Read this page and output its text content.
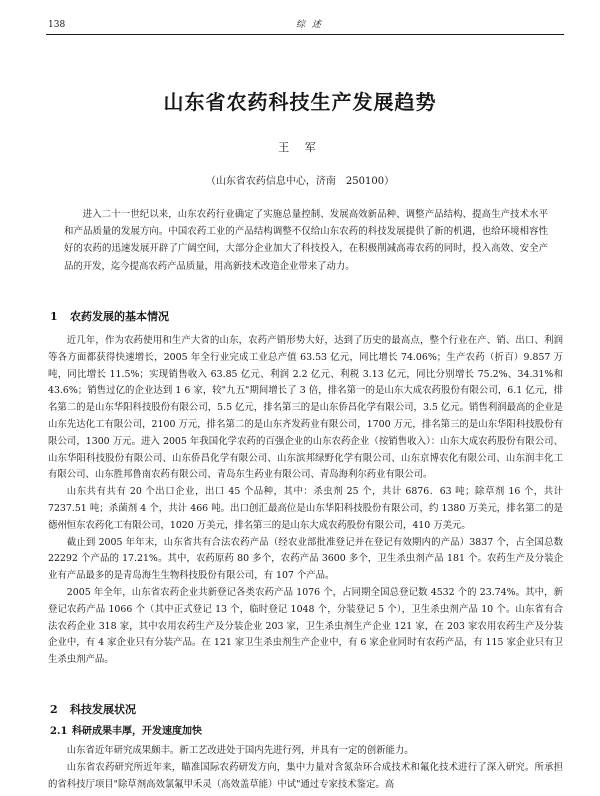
138	综 述
山东省农药科技生产发展趋势
王 军
（山东省农药信息中心，济南　250100）

进入二十一世纪以来，山东农药行业确定了实施总量控制、发展高效新品种、调整产品结构、提高生产技术水平和产品质量的发展方向。中国农药工业的产品结构调整不仅给山东农药的科技发展提供了新的机遇，也给环境相容性好的农药的迅速发展开辟了广阔空间，大部分企业加大了科技投入，在积极削减高毒农药的同时，投入高效、安全产品的开发，迄今提高农药产品质量，用高新技术改造企业带来了动力。

1 农药发展的基本情况

近几年，作为农药使用和生产大省的山东，农药产销形势大好，达到了历史的最高点，整个行业在产、销、出口、利润等各方面都获得快速增长，2005 年全行业完成工业总产值 63.53 亿元，同比增长 74.06%；生产农药（折百）9.857 万吨，同比增长 11.5%；实现销售收入 63.85 亿元、利润 2.2 亿元、利税 3.13 亿元，同比分别增长 75.2%、34.31%和 43.6%；销售过亿的企业达到 1 6 家，较"九五"期间增长了 3 倍，排名第一的是山东大成农药股份有限公司，6.1 亿元，排名第二的是山东华阳科技股份有限公司，5.5 亿元，排名第三的是山东侨昌化学有限公司，3.5 亿元。销售利润最高的企业是山东先达化工有限公司，2100 万元，排名第二的是山东齐发药业有限公司，1700 万元，排名第三的是山东华阳科技股份有限公司，1300 万元。进入 2005 年我国化学农药的百强企业的山东农药企业（按销售收入）：山东大成农药股份有限公司、山东华阳科技股份有限公司、山东侨昌化学有限公司、山东滨邦绿野化学有限公司、山东京博农化有限公司、山东润丰化工有限公司、山东胜邦鲁南农药有限公司、青岛东生药业有限公司、青岛海利尔药业有限公司。

山东共有共有 20 个出口企业，出口 45 个品种，其中：杀虫剂 25 个，共计 6876．63 吨；除草剂 16 个，共计 7237.51 吨；杀菌剂 4 个，共计 466 吨。出口创汇最高位是山东华阳科技股份有限公司，约 1380 万美元，排名第二的是德州恒东农药化工有限公司，1020 万美元，排名第三的是山东大成农药股份有限公司，410 万美元。

截止到 2005 年年末，山东省共有合法农药产品（经农业部批准登记并在登记有效期内的产品）3837 个，占全国总数 22292 个产品的 17.21%。其中，农药原药 80 多个，农药产品 3600 多个，卫生杀虫剂产品 181 个。农药生产及分装企业有产品最多的是青岛海生生物科技股份有限公司，有 107 个产品。

2005 年全年，山东省农药企业共新登记各类农药产品 1076 个，占同期全国总登记数 4532 个的 23.74%。其中，新登记农药产品 1066 个（其中正式登记 13 个，临时登记 1048 个，分装登记 5 个），卫生杀虫剂产品 10 个。山东省有合法农药企业 318 家，其中农用农药生产及分装企业 203 家，卫生杀虫剂生产企业 121 家，在 203 家农用农药生产及分装企业中，有 4 家企业只有分装产品。在 121 家卫生杀虫剂生产企业中，有 6 家企业同时有农药产品，有 115 家企业只有卫生杀虫剂产品。

2 科技发展状况
2.1 科研成果丰厚，开发速度加快

山东省近年研究成果颇丰。新工艺改进处于国内先进行列，并具有一定的创新能力。

山东省农药研究所近年来，瞄准国际农药研发方向，集中力量对含氮杂环合成技术和氟化技术进行了深入研究。所承担的省科技厅项目"除草剂高效氯氟甲禾灵（高效盖草能）中试"通过专家技术鉴定。高
